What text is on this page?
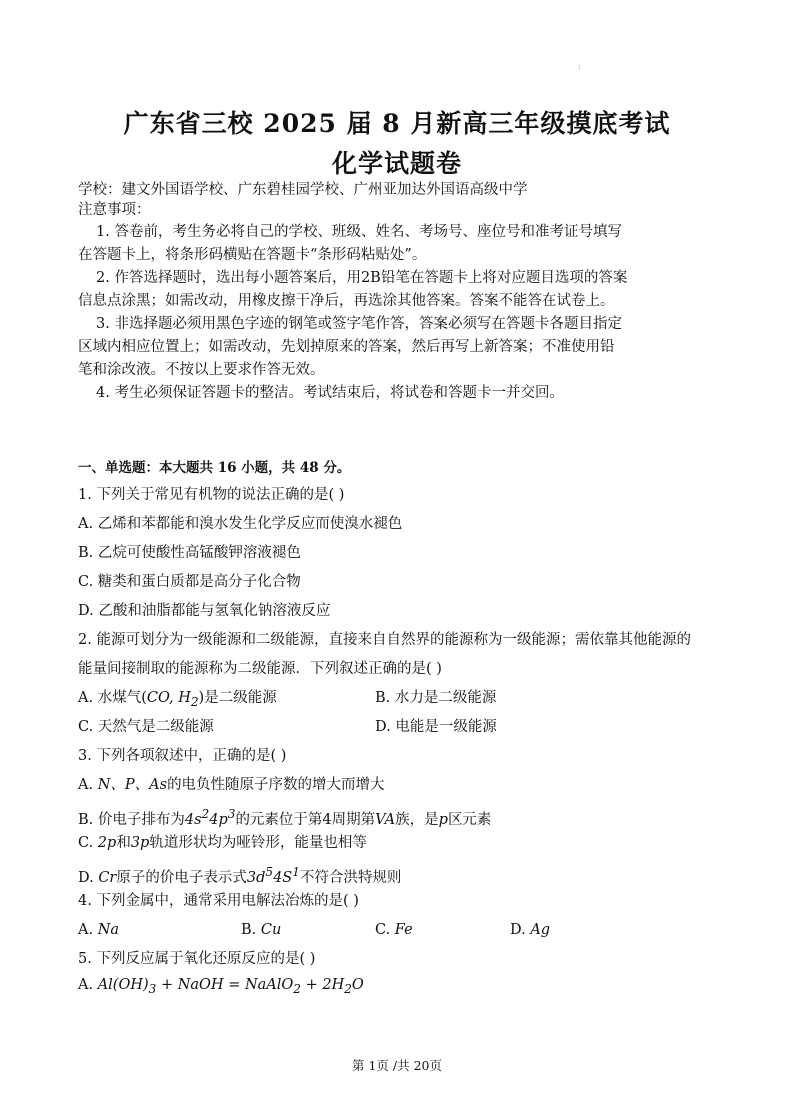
:
广东省三校 2025 届 8 月新高三年级摸底考试
化学试题卷
学校：建文外国语学校、广东碧桂园学校、广州亚加达外国语高级中学
注意事项：
1. 答卷前，考生务必将自己的学校、班级、姓名、考场号、座位号和准考证号填写
在答题卡上，将条形码横贴在答题卡“条形码粘贴处”。
2. 作答选择题时，选出每小题答案后，用2B铅笔在答题卡上将对应题目选项的答案
信息点涂黑；如需改动，用橡皮擦干净后，再选涂其他答案。答案不能答在试卷上。
3. 非选择题必须用黑色字迹的钢笔或签字笔作答，答案必须写在答题卡各题目指定
区域内相应位置上；如需改动，先划掉原来的答案，然后再写上新答案；不准使用铅
笔和涂改液。不按以上要求作答无效。
4. 考生必须保证答题卡的整洁。考试结束后，将试卷和答题卡一并交回。
一、单选题：本大题共 16 小题，共 48 分。
1. 下列关于常见有机物的说法正确的是( )
A. 乙烯和苯都能和溴水发生化学反应而使溴水褪色
B. 乙烷可使酸性高锰酸钾溶液褪色
C. 糖类和蛋白质都是高分子化合物
D. 乙酸和油脂都能与氢氧化钠溶液反应
2. 能源可划分为一级能源和二级能源，直接来自自然界的能源称为一级能源；需依靠其他能源的
能量间接制取的能源称为二级能源．下列叙述正确的是( )
A. 水煤气(CO, $H_2$)是二级能源	B. 水力是二级能源
C. 天然气是二级能源	D. 电能是一级能源
3. 下列各项叙述中，正确的是( )
A. N、P、As的电负性随原子序数的增大而增大
B. 价电子排布为$4s^24p^3$的元素位于第4周期第VA族，是p区元素
C. 2p和3p轨道形状均为哑铃形，能量也相等
D. Cr原子的价电子表示式$3d^54S^1$不符合洪特规则
4. 下列金属中，通常采用电解法冶炼的是( )
A. Na	B. Cu	C. Fe	D. Ag
5. 下列反应属于氧化还原反应的是( )
A. $Al(OH)_3$ + NaOH = NaAlO$_2$ + $2H_2O$
第 1页 /共 20页
